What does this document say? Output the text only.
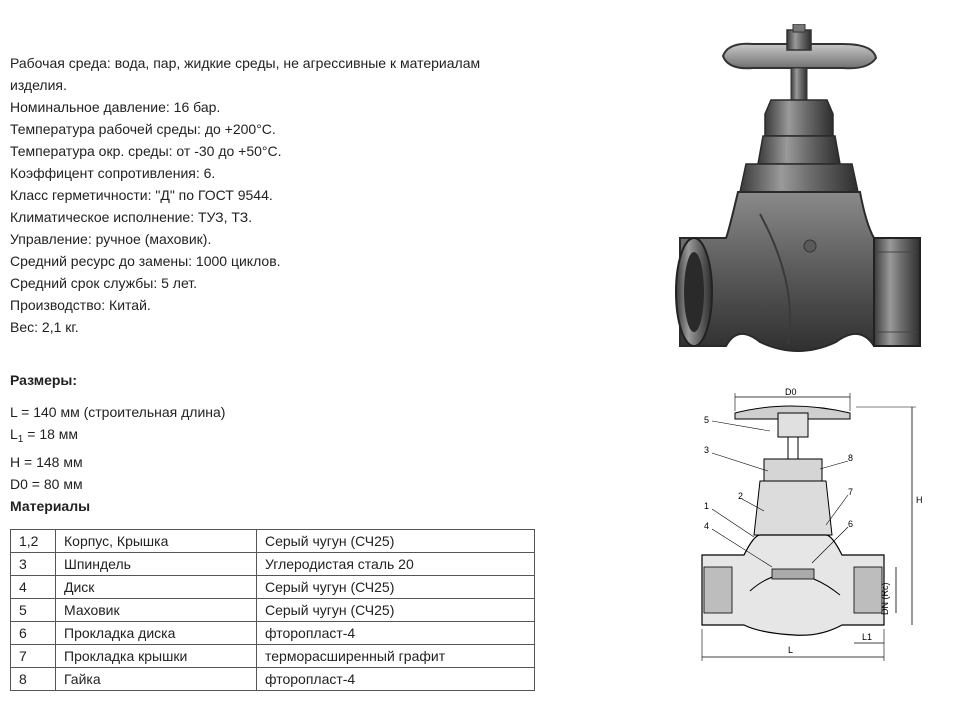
Рабочая среда: вода, пар, жидкие среды, не агрессивные к материалам изделия.
Номинальное давление: 16 бар.
Температура рабочей среды: до +200°С.
Температура окр. среды: от -30 до +50°С.
Коэффицент сопротивления: 6.
Класс герметичности: "Д" по ГОСТ 9544.
Климатическое исполнение: ТУЗ, ТЗ.
Управление: ручное (маховик).
Средний ресурс до замены: 1000 циклов.
Средний срок службы: 5 лет.
Производство: Китай.
Вес: 2,1 кг.
Размеры:
L = 140 мм (строительная длина)
$L_1 = 18$ мм
H = 148 мм
D0 = 80 мм
Материалы
1,2	Корпус, Крышка	Серый чугун (СЧ25)
3	Шпиндель	Углеродистая сталь 20
4	Диск	Серый чугун (СЧ25)
5	Маховик	Серый чугун (СЧ25)
6	Прокладка диска	фторопласт-4
7	Прокладка крышки	терморасширенный графит
8	Гайка	фторопласт-4
D0
H
DN (Rc)
L
L1
5
3
2
1
4
8
7
6
